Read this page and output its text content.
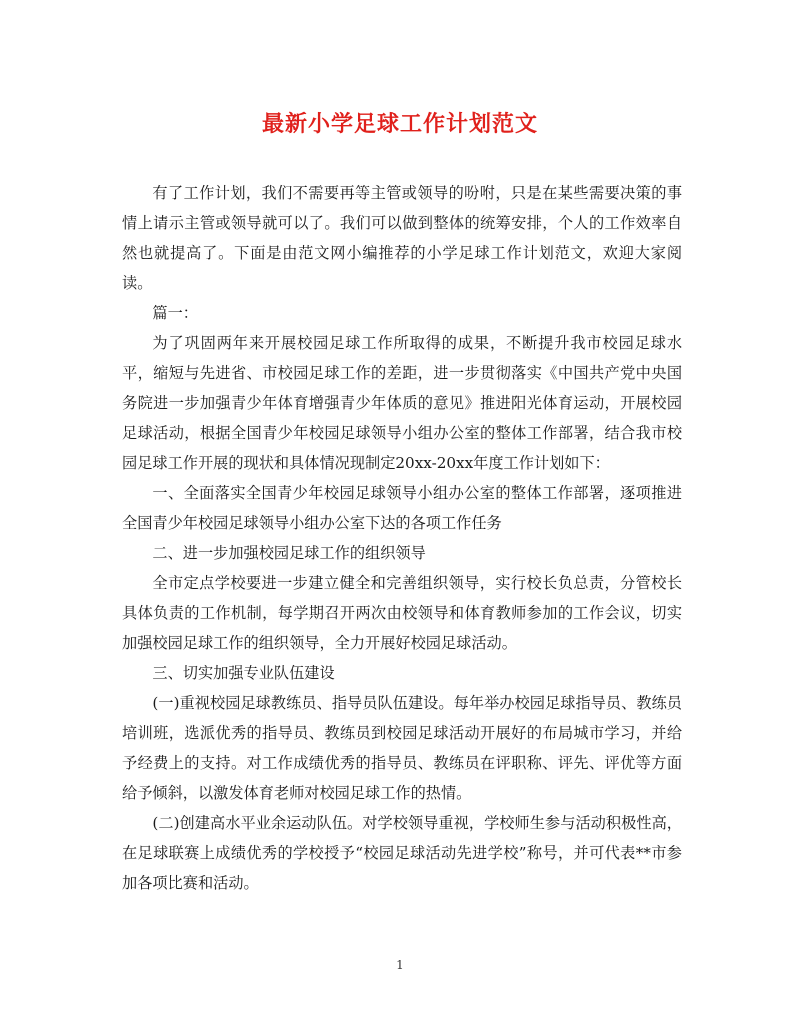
最新小学足球工作计划范文

有了工作计划，我们不需要再等主管或领导的吩咐，只是在某些需要决策的事情上请示主管或领导就可以了。我们可以做到整体的统筹安排，个人的工作效率自然也就提高了。下面是由范文网小编推荐的小学足球工作计划范文，欢迎大家阅读。

篇一：

为了巩固两年来开展校园足球工作所取得的成果，不断提升我市校园足球水平，缩短与先进省、市校园足球工作的差距，进一步贯彻落实《中国共产党中央国务院进一步加强青少年体育增强青少年体质的意见》推进阳光体育运动，开展校园足球活动，根据全国青少年校园足球领导小组办公室的整体工作部署，结合我市校园足球工作开展的现状和具体情况现制定20xx-20xx年度工作计划如下：

一、全面落实全国青少年校园足球领导小组办公室的整体工作部署，逐项推进全国青少年校园足球领导小组办公室下达的各项工作任务

二、进一步加强校园足球工作的组织领导

全市定点学校要进一步建立健全和完善组织领导，实行校长负总责，分管校长具体负责的工作机制，每学期召开两次由校领导和体育教师参加的工作会议，切实加强校园足球工作的组织领导，全力开展好校园足球活动。

三、切实加强专业队伍建设

(一)重视校园足球教练员、指导员队伍建设。每年举办校园足球指导员、教练员培训班，选派优秀的指导员、教练员到校园足球活动开展好的布局城市学习，并给予经费上的支持。对工作成绩优秀的指导员、教练员在评职称、评先、评优等方面给予倾斜，以激发体育老师对校园足球工作的热情。

(二)创建高水平业余运动队伍。对学校领导重视，学校师生参与活动积极性高，在足球联赛上成绩优秀的学校授予“校园足球活动先进学校”称号，并可代表**市参加各项比赛和活动。

1
